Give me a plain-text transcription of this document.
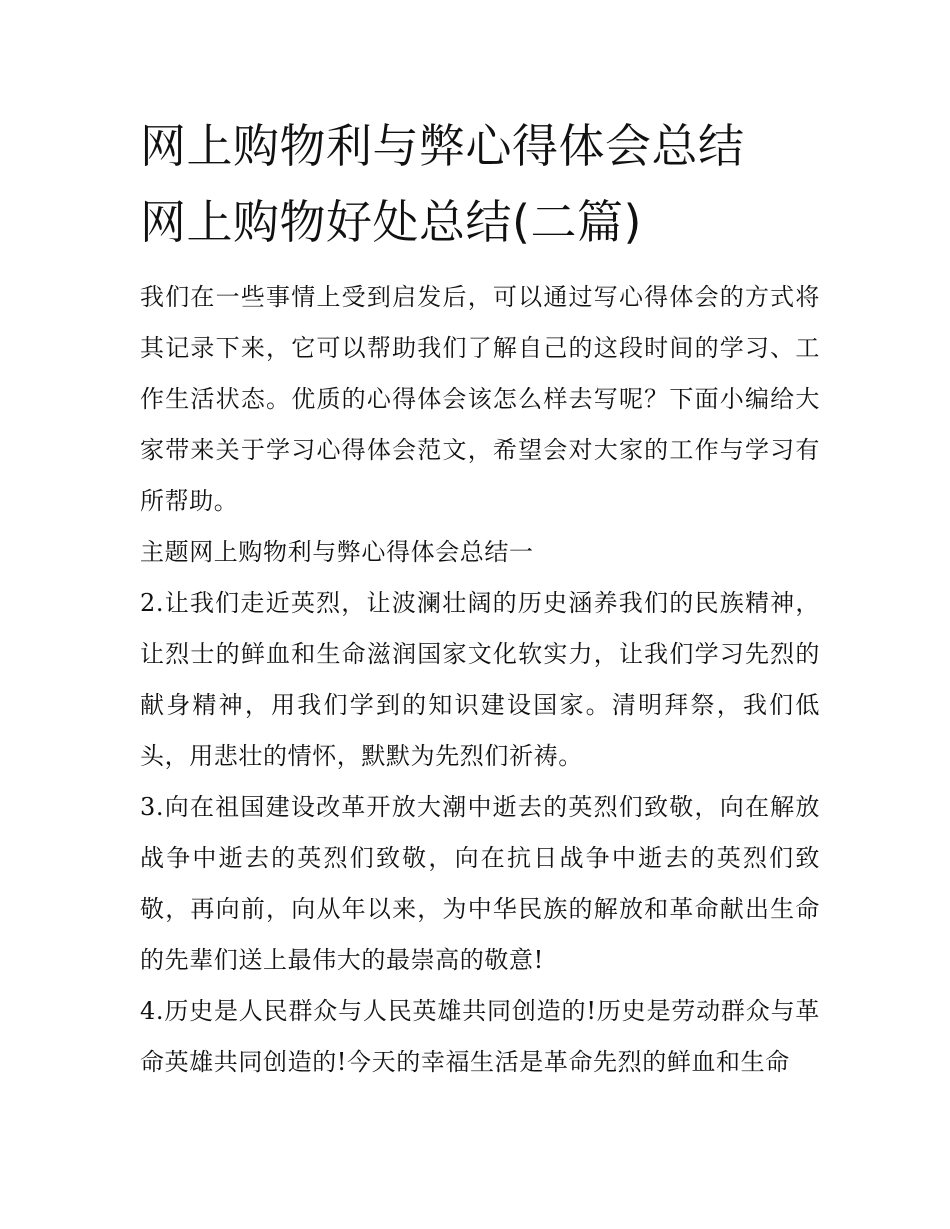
网上购物利与弊心得体会总结
网上购物好处总结(二篇)

我们在一些事情上受到启发后，可以通过写心得体会的方式将其记录下来，它可以帮助我们了解自己的这段时间的学习、工作生活状态。优质的心得体会该怎么样去写呢？下面小编给大家带来关于学习心得体会范文，希望会对大家的工作与学习有所帮助。

主题网上购物利与弊心得体会总结一

2.让我们走近英烈，让波澜壮阔的历史涵养我们的民族精神，让烈士的鲜血和生命滋润国家文化软实力，让我们学习先烈的献身精神，用我们学到的知识建设国家。清明拜祭，我们低头，用悲壮的情怀，默默为先烈们祈祷。

3.向在祖国建设改革开放大潮中逝去的英烈们致敬，向在解放战争中逝去的英烈们致敬，向在抗日战争中逝去的英烈们致敬，再向前，向从年以来，为中华民族的解放和革命献出生命的先辈们送上最伟大的最崇高的敬意!

4.历史是人民群众与人民英雄共同创造的!历史是劳动群众与革命英雄共同创造的!今天的幸福生活是革命先烈的鲜血和生命
